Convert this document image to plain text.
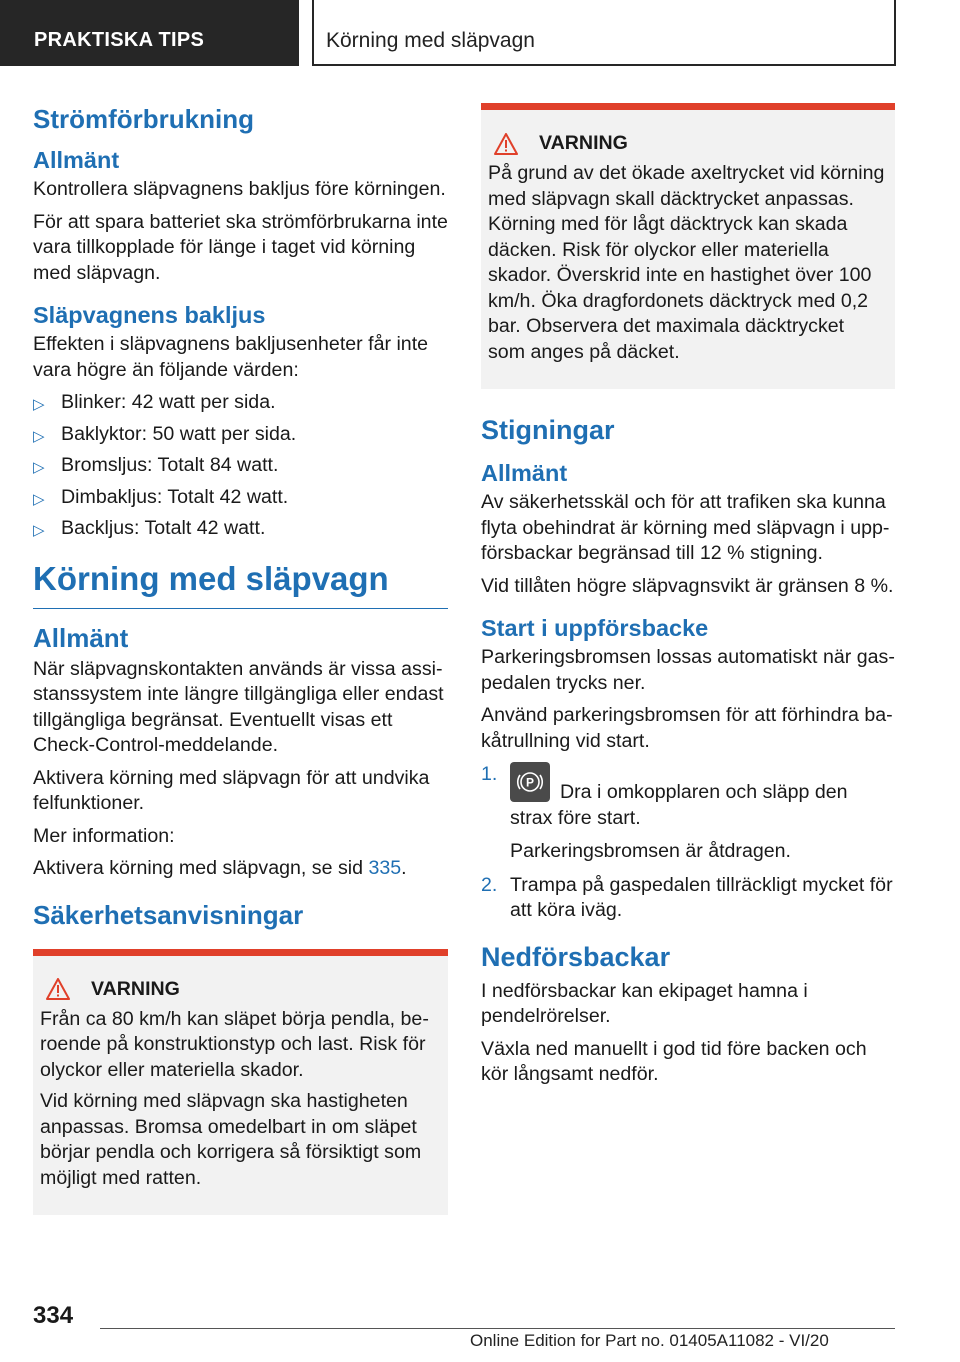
PRAKTISKA TIPS	Körning med släpvagn
Strömförbrukning
Allmänt

Kontrollera släpvagnens bakljus före körningen.

För att spara batteriet ska strömförbrukarna inte vara tillkopplade för länge i taget vid körning med släpvagn.

Släpvagnens bakljus

Effekten i släpvagnens bakljusenheter får inte vara högre än följande värden:

▷ Blinker: 42 watt per sida.
▷ Baklyktor: 50 watt per sida.
▷ Bromsljus: Totalt 84 watt.
▷ Dimbakljus: Totalt 42 watt.
▷ Backljus: Totalt 42 watt.
Körning med släpvagn
Allmänt

När släpvagnskontakten används är vissa assistanssystem inte längre tillgängliga eller endast tillgängliga begränsat. Eventuellt visas ett Check-Control-meddelande.

Aktivera körning med släpvagn för att undvika felfunktioner.

Mer information:

Aktivera körning med släpvagn, se sid 335.

Säkerhetsanvisningar
VARNING

Från ca 80 km/h kan släpet börja pendla, beroende på konstruktionstyp och last. Risk för olyckor eller materiella skador.

Vid körning med släpvagn ska hastigheten anpassas. Bromsa omedelbart in om släpet börjar pendla och korrigera så försiktigt som möjligt med ratten.

VARNING

På grund av det ökade axeltrycket vid körning med släpvagn skall däcktrycket anpassas. Körning med för lågt däcktryck kan skada däcken. Risk för olyckor eller materiella skador. Överskrid inte en hastighet över 100 km/h. Öka dragfordonets däcktryck med 0,2 bar. Observera det maximala däcktrycket som anges på däcket.

Stigningar
Allmänt

Av säkerhetsskäl och för att trafiken ska kunna flyta obehindrat är körning med släpvagn i uppförsbackar begränsad till 12 % stigning.

Vid tillåten högre släpvagnsvikt är gränsen 8 %.

Start i uppförsbacke

Parkeringsbromsen lossas automatiskt när gaspedalen trycks ner.

Använd parkeringsbromsen för att förhindra bakåtrullning vid start.

1. P Dra i omkopplaren och släpp den strax före start.
Parkeringsbromsen är åtdragen.
2. Trampa på gaspedalen tillräckligt mycket för att köra iväg.
Nedförsbackar

I nedförsbackar kan ekipaget hamna i pendelrörelser.

Växla ned manuellt i god tid före backen och kör långsamt nedför.

334
Online Edition for Part no. 01405A11082 - VI/20
